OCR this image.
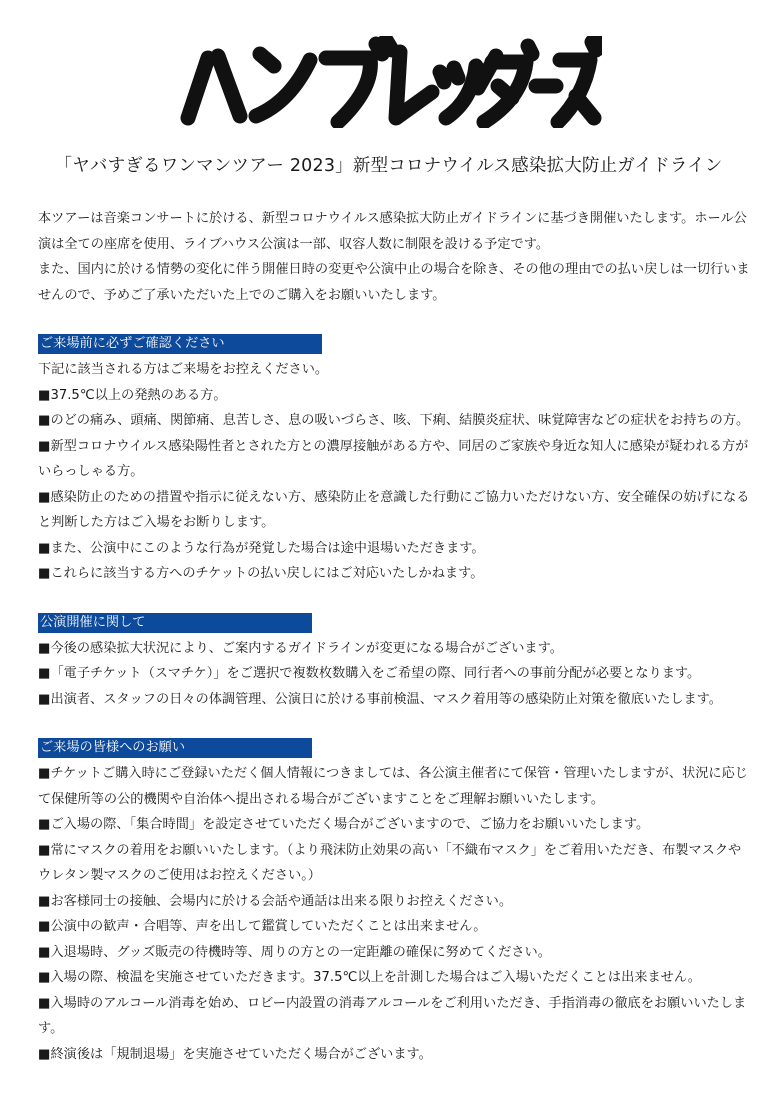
「ヤバすぎるワンマンツアー 2023」新型コロナウイルス感染拡大防止ガイドライン

本ツアーは音楽コンサートに於ける、新型コロナウイルス感染拡大防止ガイドラインに基づき開催いたします。ホール公演は全ての座席を使用、ライブハウス公演は一部、収容人数に制限を設ける予定です。

また、国内に於ける情勢の変化に伴う開催日時の変更や公演中止の場合を除き、その他の理由での払い戻しは一切行いませんので、予めご了承いただいた上でのご購入をお願いいたします。

ご来場前に必ずご確認ください

下記に該当される方はご来場をお控えください。

■37.5℃以上の発熱のある方。

■のどの痛み、頭痛、関節痛、息苦しさ、息の吸いづらさ、咳、下痢、結膜炎症状、味覚障害などの症状をお持ちの方。

■新型コロナウイルス感染陽性者とされた方との濃厚接触がある方や、同居のご家族や身近な知人に感染が疑われる方がいらっしゃる方。

■感染防止のための措置や指示に従えない方、感染防止を意識した行動にご協力いただけない方、安全確保の妨げになると判断した方はご入場をお断りします。

■また、公演中にこのような行為が発覚した場合は途中退場いただきます。

■これらに該当する方へのチケットの払い戻しにはご対応いたしかねます。

公演開催に関して

■今後の感染拡大状況により、ご案内するガイドラインが変更になる場合がございます。

■「電子チケット（スマチケ）」をご選択で複数枚数購入をご希望の際、同行者への事前分配が必要となります。

■出演者、スタッフの日々の体調管理、公演日に於ける事前検温、マスク着用等の感染防止対策を徹底いたします。

ご来場の皆様へのお願い

■チケットご購入時にご登録いただく個人情報につきましては、各公演主催者にて保管・管理いたしますが、状況に応じて保健所等の公的機関や自治体へ提出される場合がございますことをご理解お願いいたします。

■ご入場の際、「集合時間」を設定させていただく場合がございますので、ご協力をお願いいたします。

■常にマスクの着用をお願いいたします。（より飛沫防止効果の高い「不織布マスク」をご着用いただき、布製マスクやウレタン製マスクのご使用はお控えください。）

■お客様同士の接触、会場内に於ける会話や通話は出来る限りお控えください。

■公演中の歓声・合唱等、声を出して鑑賞していただくことは出来ません。

■入退場時、グッズ販売の待機時等、周りの方との一定距離の確保に努めてください。

■入場の際、検温を実施させていただきます。37.5℃以上を計測した場合はご入場いただくことは出来ません。

■入場時のアルコール消毒を始め、ロビー内設置の消毒アルコールをご利用いただき、手指消毒の徹底をお願いいたします。

■終演後は「規制退場」を実施させていただく場合がございます。
